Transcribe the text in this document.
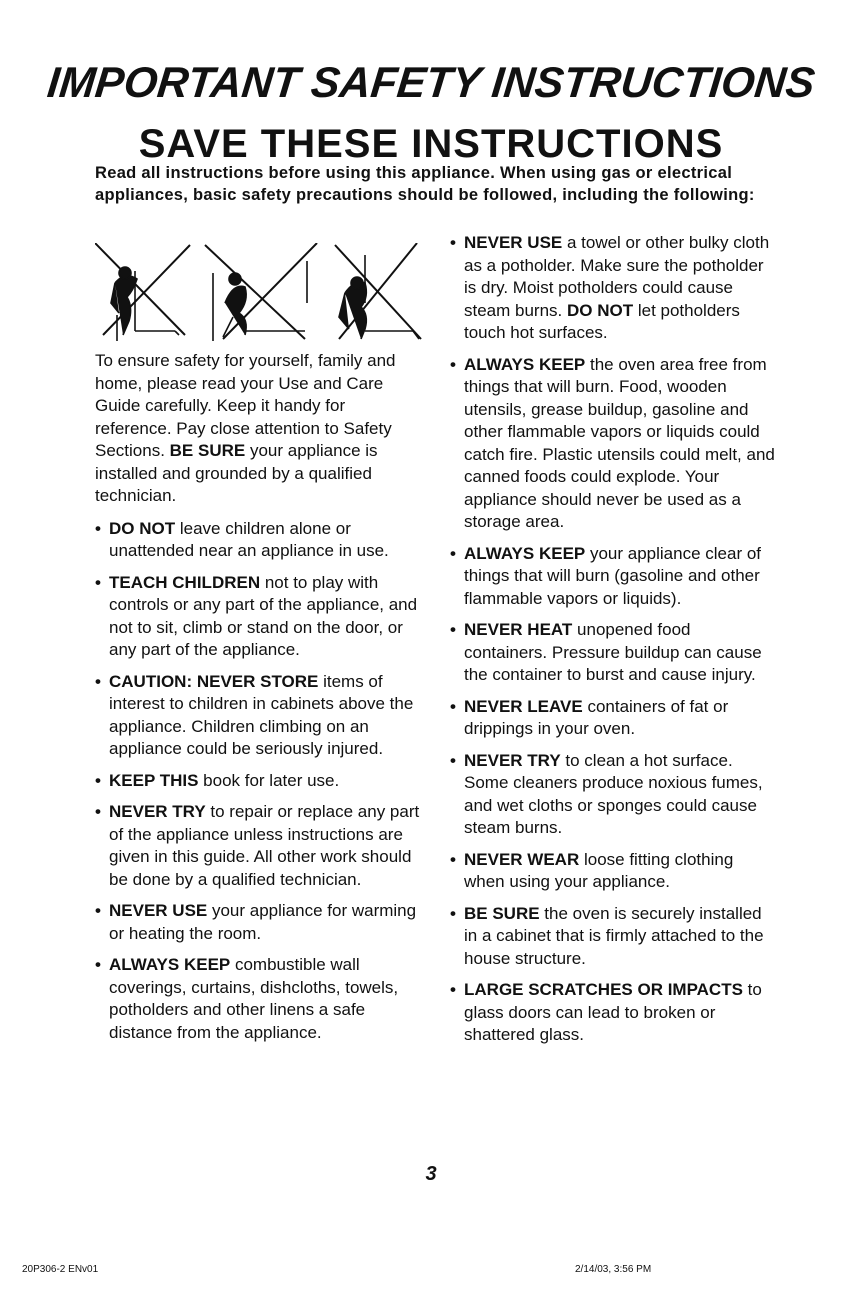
IMPORTANT SAFETY INSTRUCTIONS
SAVE THESE INSTRUCTIONS
Read all instructions before using this appliance. When using gas or electrical appliances, basic safety precautions should be followed, including the following:

To ensure safety for yourself, family and home, please read your Use and Care Guide carefully. Keep it handy for reference. Pay close attention to Safety Sections. BE SURE your appliance is installed and grounded by a qualified technician.

• DO NOT leave children alone or unattended near an appliance in use.
• TEACH CHILDREN not to play with controls or any part of the appliance, and not to sit, climb or stand on the door, or any part of the appliance.
• CAUTION: NEVER STORE items of interest to children in cabinets above the appliance. Children climbing on an appliance could be seriously injured.
• KEEP THIS book for later use.
• NEVER TRY to repair or replace any part of the appliance unless instructions are given in this guide. All other work should be done by a qualified technician.
• NEVER USE your appliance for warming or heating the room.
• ALWAYS KEEP combustible wall coverings, curtains, dishcloths, towels, potholders and other linens a safe distance from the appliance.
• NEVER USE a towel or other bulky cloth as a potholder. Make sure the potholder is dry. Moist potholders could cause steam burns. DO NOT let potholders touch hot surfaces.
• ALWAYS KEEP the oven area free from things that will burn. Food, wooden utensils, grease buildup, gasoline and other flammable vapors or liquids could catch fire. Plastic utensils could melt, and canned foods could explode. Your appliance should never be used as a storage area.
• ALWAYS KEEP your appliance clear of things that will burn (gasoline and other flammable vapors or liquids).
• NEVER HEAT unopened food containers. Pressure buildup can cause the container to burst and cause injury.
• NEVER LEAVE containers of fat or drippings in your oven.
• NEVER TRY to clean a hot surface. Some cleaners produce noxious fumes, and wet cloths or sponges could cause steam burns.
• NEVER WEAR loose fitting clothing when using your appliance.
• BE SURE the oven is securely installed in a cabinet that is firmly attached to the house structure.
• LARGE SCRATCHES OR IMPACTS to glass doors can lead to broken or shattered glass.
3
20P306-2 ENv01	2/14/03, 3:56 PM
